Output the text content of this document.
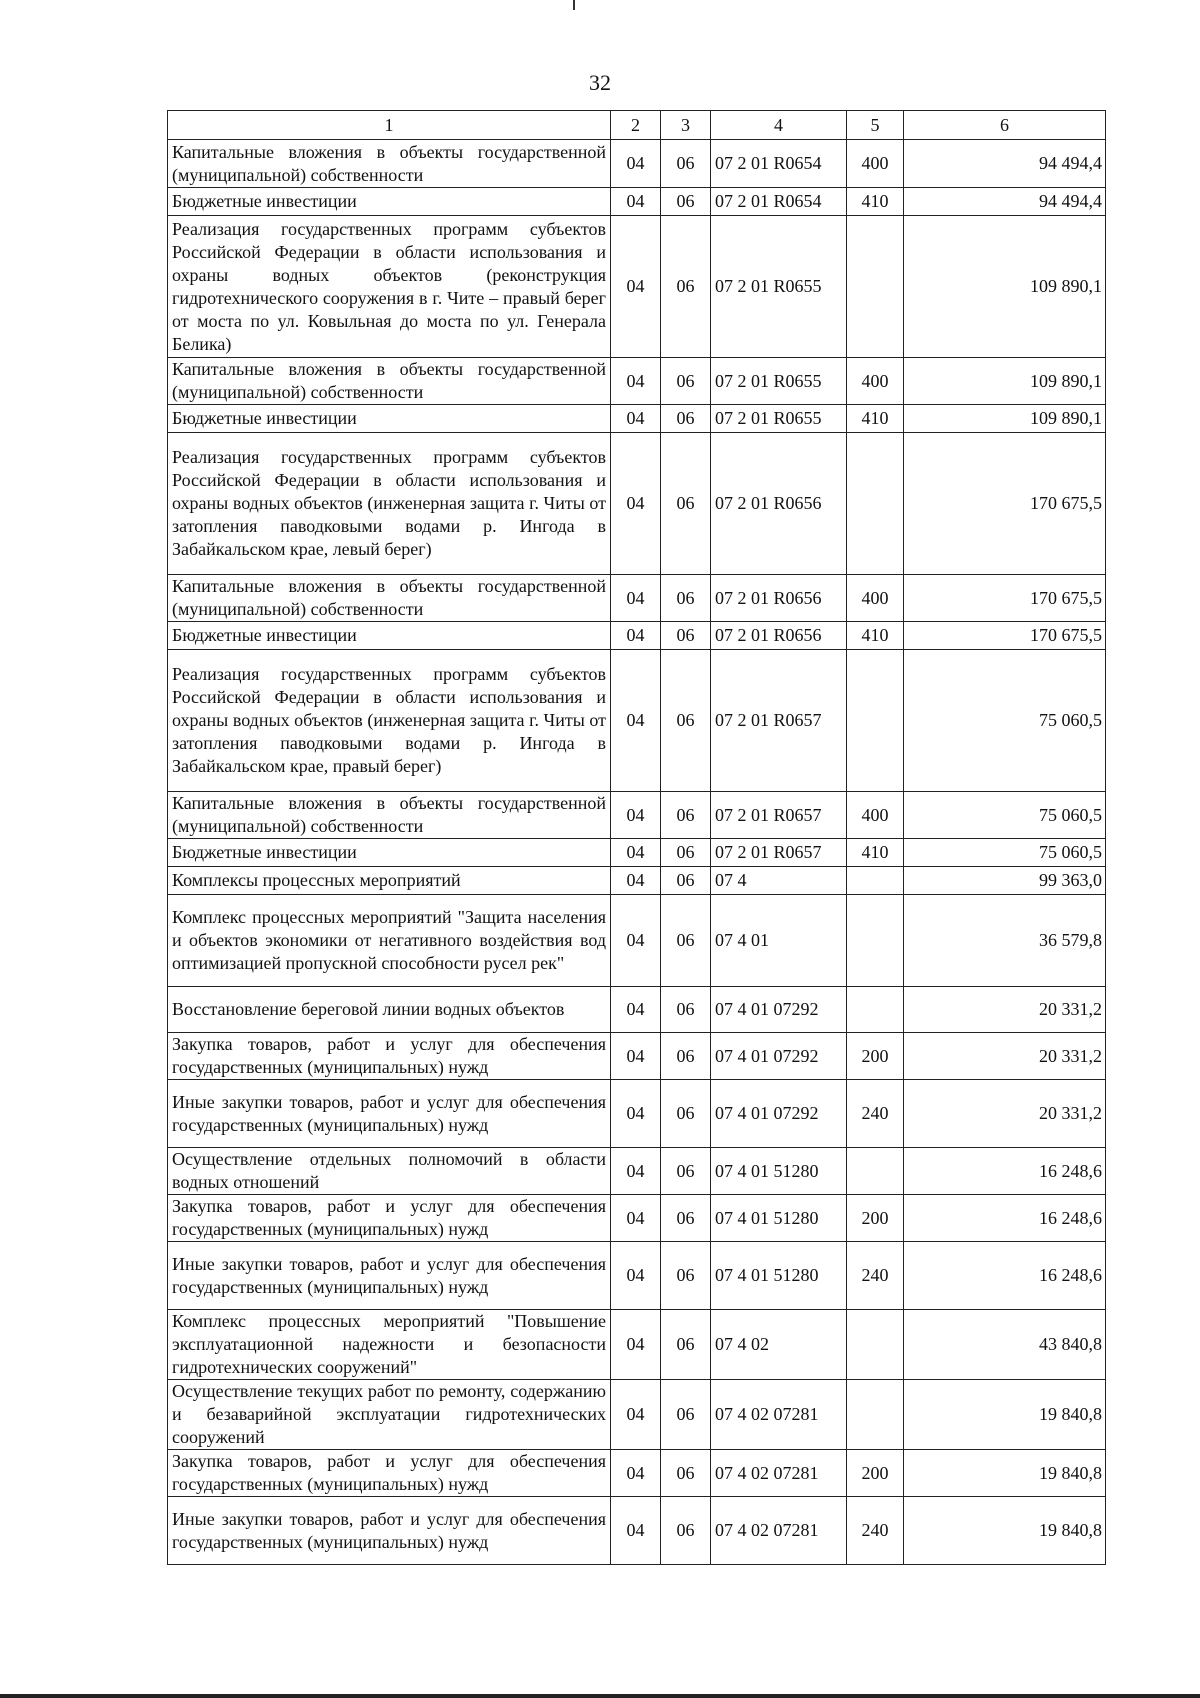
32
1	2	3	4	5	6
Капитальные вложения в объекты государственной (муниципальной) собственности	04	06	07 2 01 R0654	400	94 494,4
Бюджетные инвестиции	04	06	07 2 01 R0654	410	94 494,4
Реализация государственных программ субъектов Российской Федерации в области использования и охраны водных объектов (реконструкция гидротехнического сооружения в г. Чите – правый берег от моста по ул. Ковыльная до моста по ул. Генерала Белика)	04	06	07 2 01 R0655		109 890,1
Капитальные вложения в объекты государственной (муниципальной) собственности	04	06	07 2 01 R0655	400	109 890,1
Бюджетные инвестиции	04	06	07 2 01 R0655	410	109 890,1
Реализация государственных программ субъектов Российской Федерации в области использования и охраны водных объектов (инженерная защита г. Читы от затопления паводковыми водами р. Ингода в Забайкальском крае, левый берег)	04	06	07 2 01 R0656		170 675,5
Капитальные вложения в объекты государственной (муниципальной) собственности	04	06	07 2 01 R0656	400	170 675,5
Бюджетные инвестиции	04	06	07 2 01 R0656	410	170 675,5
Реализация государственных программ субъектов Российской Федерации в области использования и охраны водных объектов (инженерная защита г. Читы от затопления паводковыми водами р. Ингода в Забайкальском крае, правый берег)	04	06	07 2 01 R0657		75 060,5
Капитальные вложения в объекты государственной (муниципальной) собственности	04	06	07 2 01 R0657	400	75 060,5
Бюджетные инвестиции	04	06	07 2 01 R0657	410	75 060,5
Комплексы процессных мероприятий	04	06	07 4		99 363,0
Комплекс процессных мероприятий "Защита населения и объектов экономики от негативного воздействия вод оптимизацией пропускной способности русел рек"	04	06	07 4 01		36 579,8
Восстановление береговой линии водных объектов	04	06	07 4 01 07292		20 331,2
Закупка товаров, работ и услуг для обеспечения государственных (муниципальных) нужд	04	06	07 4 01 07292	200	20 331,2
Иные закупки товаров, работ и услуг для обеспечения государственных (муниципальных) нужд	04	06	07 4 01 07292	240	20 331,2
Осуществление отдельных полномочий в области водных отношений	04	06	07 4 01 51280		16 248,6
Закупка товаров, работ и услуг для обеспечения государственных (муниципальных) нужд	04	06	07 4 01 51280	200	16 248,6
Иные закупки товаров, работ и услуг для обеспечения государственных (муниципальных) нужд	04	06	07 4 01 51280	240	16 248,6
Комплекс процессных мероприятий "Повышение эксплуатационной надежности и безопасности гидротехнических сооружений"	04	06	07 4 02		43 840,8
Осуществление текущих работ по ремонту, содержанию и безаварийной эксплуатации гидротехнических сооружений	04	06	07 4 02 07281		19 840,8
Закупка товаров, работ и услуг для обеспечения государственных (муниципальных) нужд	04	06	07 4 02 07281	200	19 840,8
Иные закупки товаров, работ и услуг для обеспечения государственных (муниципальных) нужд	04	06	07 4 02 07281	240	19 840,8
